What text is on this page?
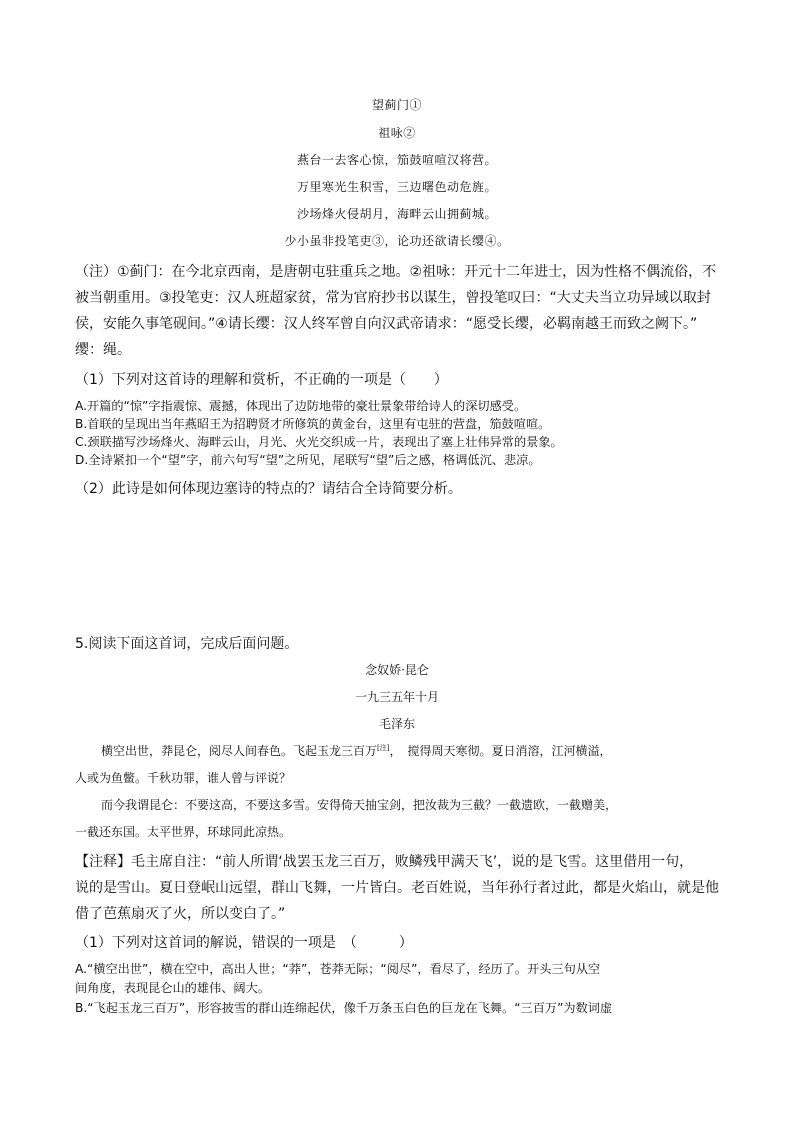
望蓟门①
祖咏②
燕台一去客心惊，笳鼓喧喧汉将营。
万里寒光生积雪，三边曙色动危旌。
沙场烽火侵胡月，海畔云山拥蓟城。
少小虽非投笔吏③，论功还欲请长缨④。
（注）①蓟门：在今北京西南，是唐朝屯驻重兵之地。②祖咏：开元十二年进士，因为性格不偶流俗，不
被当朝重用。③投笔吏：汉人班超家贫，常为官府抄书以谋生，曾投笔叹曰：“大丈夫当立功异域以取封
侯，安能久事笔砚间。”④请长缨：汉人终军曾自向汉武帝请求：“愿受长缨，必羁南越王而致之阙下。”
缨：绳。
（1）下列对这首诗的理解和赏析，不正确的一项是（　　）
A.开篇的“惊”字指震惊、震撼，体现出了边防地带的豪壮景象带给诗人的深切感受。
B.首联的呈现出当年燕昭王为招聘贤才所修筑的黄金台，这里有屯驻的营盘，笳鼓喧喧。
C.颈联描写沙场烽火、海畔云山，月光、火光交织成一片，表现出了塞上壮伟异常的景象。
D.全诗紧扣一个“望”字，前六句写“望”之所见，尾联写“望”后之感，格调低沉、悲凉。
（2）此诗是如何体现边塞诗的特点的？请结合全诗简要分析。
5.阅读下面这首词，完成后面问题。
念奴娇·昆仑
一九三五年十月
毛泽东
横空出世，莽昆仑，阅尽人间春色。飞起玉龙三百万[注]，　搅得周天寒彻。夏日消溶，江河横溢，
人或为鱼鳖。千秋功罪，谁人曾与评说？
而今我谓昆仑：不要这高，不要这多雪。安得倚天抽宝剑，把汝裁为三截？一截遗欧，一截赠美，
一截还东国。太平世界，环球同此凉热。
【注释】毛主席自注：“前人所谓‘战罢玉龙三百万，败鳞残甲满天飞’，说的是飞雪。这里借用一句，
说的是雪山。夏日登岷山远望，群山飞舞，一片皆白。老百姓说，当年孙行者过此，都是火焰山，就是他
借了芭蕉扇灭了火，所以变白了。”
（1）下列对这首词的解说，错误的一项是　（　　　）
A.“横空出世”，横在空中，高出人世；“莽”，苍莽无际；“阅尽”，看尽了，经历了。开头三句从空
间角度，表现昆仑山的雄伟、阔大。
B.“飞起玉龙三百万”，形容披雪的群山连绵起伏，像千万条玉白色的巨龙在飞舞。“三百万”为数词虚
